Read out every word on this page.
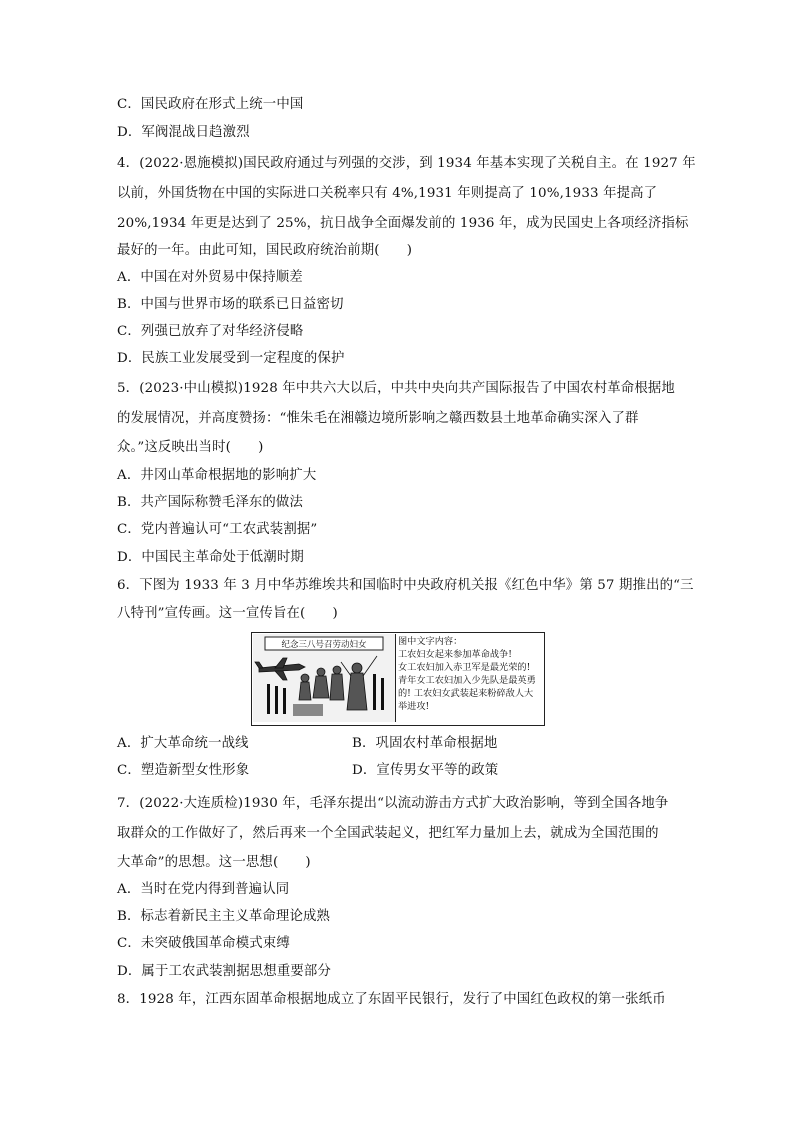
C．国民政府在形式上统一中国
D．军阀混战日趋激烈
4．(2022·恩施模拟)国民政府通过与列强的交涉，到 1934 年基本实现了关税自主。在 1927 年
以前，外国货物在中国的实际进口关税率只有 4%,1931 年则提高了 10%,1933 年提高了
20%,1934 年更是达到了 25%，抗日战争全面爆发前的 1936 年，成为民国史上各项经济指标
最好的一年。由此可知，国民政府统治前期(　　)
A．中国在对外贸易中保持顺差
B．中国与世界市场的联系已日益密切
C．列强已放弃了对华经济侵略
D．民族工业发展受到一定程度的保护
5．(2023·中山模拟)1928 年中共六大以后，中共中央向共产国际报告了中国农村革命根据地
的发展情况，并高度赞扬：“惟朱毛在湘赣边境所影响之赣西数县土地革命确实深入了群
众。”这反映出当时(　　)
A．井冈山革命根据地的影响扩大
B．共产国际称赞毛泽东的做法
C．党内普遍认可“工农武装割据”
D．中国民主革命处于低潮时期
6．下图为 1933 年 3 月中华苏维埃共和国临时中央政府机关报《红色中华》第 57 期推出的“三
八特刊”宣传画。这一宣传旨在(　　)
纪念三八号召劳动妇女	图中文字内容：
工农妇女起来参加革命战争!
女工农妇加入赤卫军是最光荣的!
青年女工农妇加入少先队是最英勇
的! 工农妇女武装起来粉碎敌人大
举进攻!
A．扩大革命统一战线	B．巩固农村革命根据地
C．塑造新型女性形象	D．宣传男女平等的政策
7．(2022·大连质检)1930 年，毛泽东提出“以流动游击方式扩大政治影响，等到全国各地争
取群众的工作做好了，然后再来一个全国武装起义，把红军力量加上去，就成为全国范围的
大革命”的思想。这一思想(　　)
A．当时在党内得到普遍认同
B．标志着新民主主义革命理论成熟
C．未突破俄国革命模式束缚
D．属于工农武装割据思想重要部分
8．1928 年，江西东固革命根据地成立了东固平民银行，发行了中国红色政权的第一张纸币
